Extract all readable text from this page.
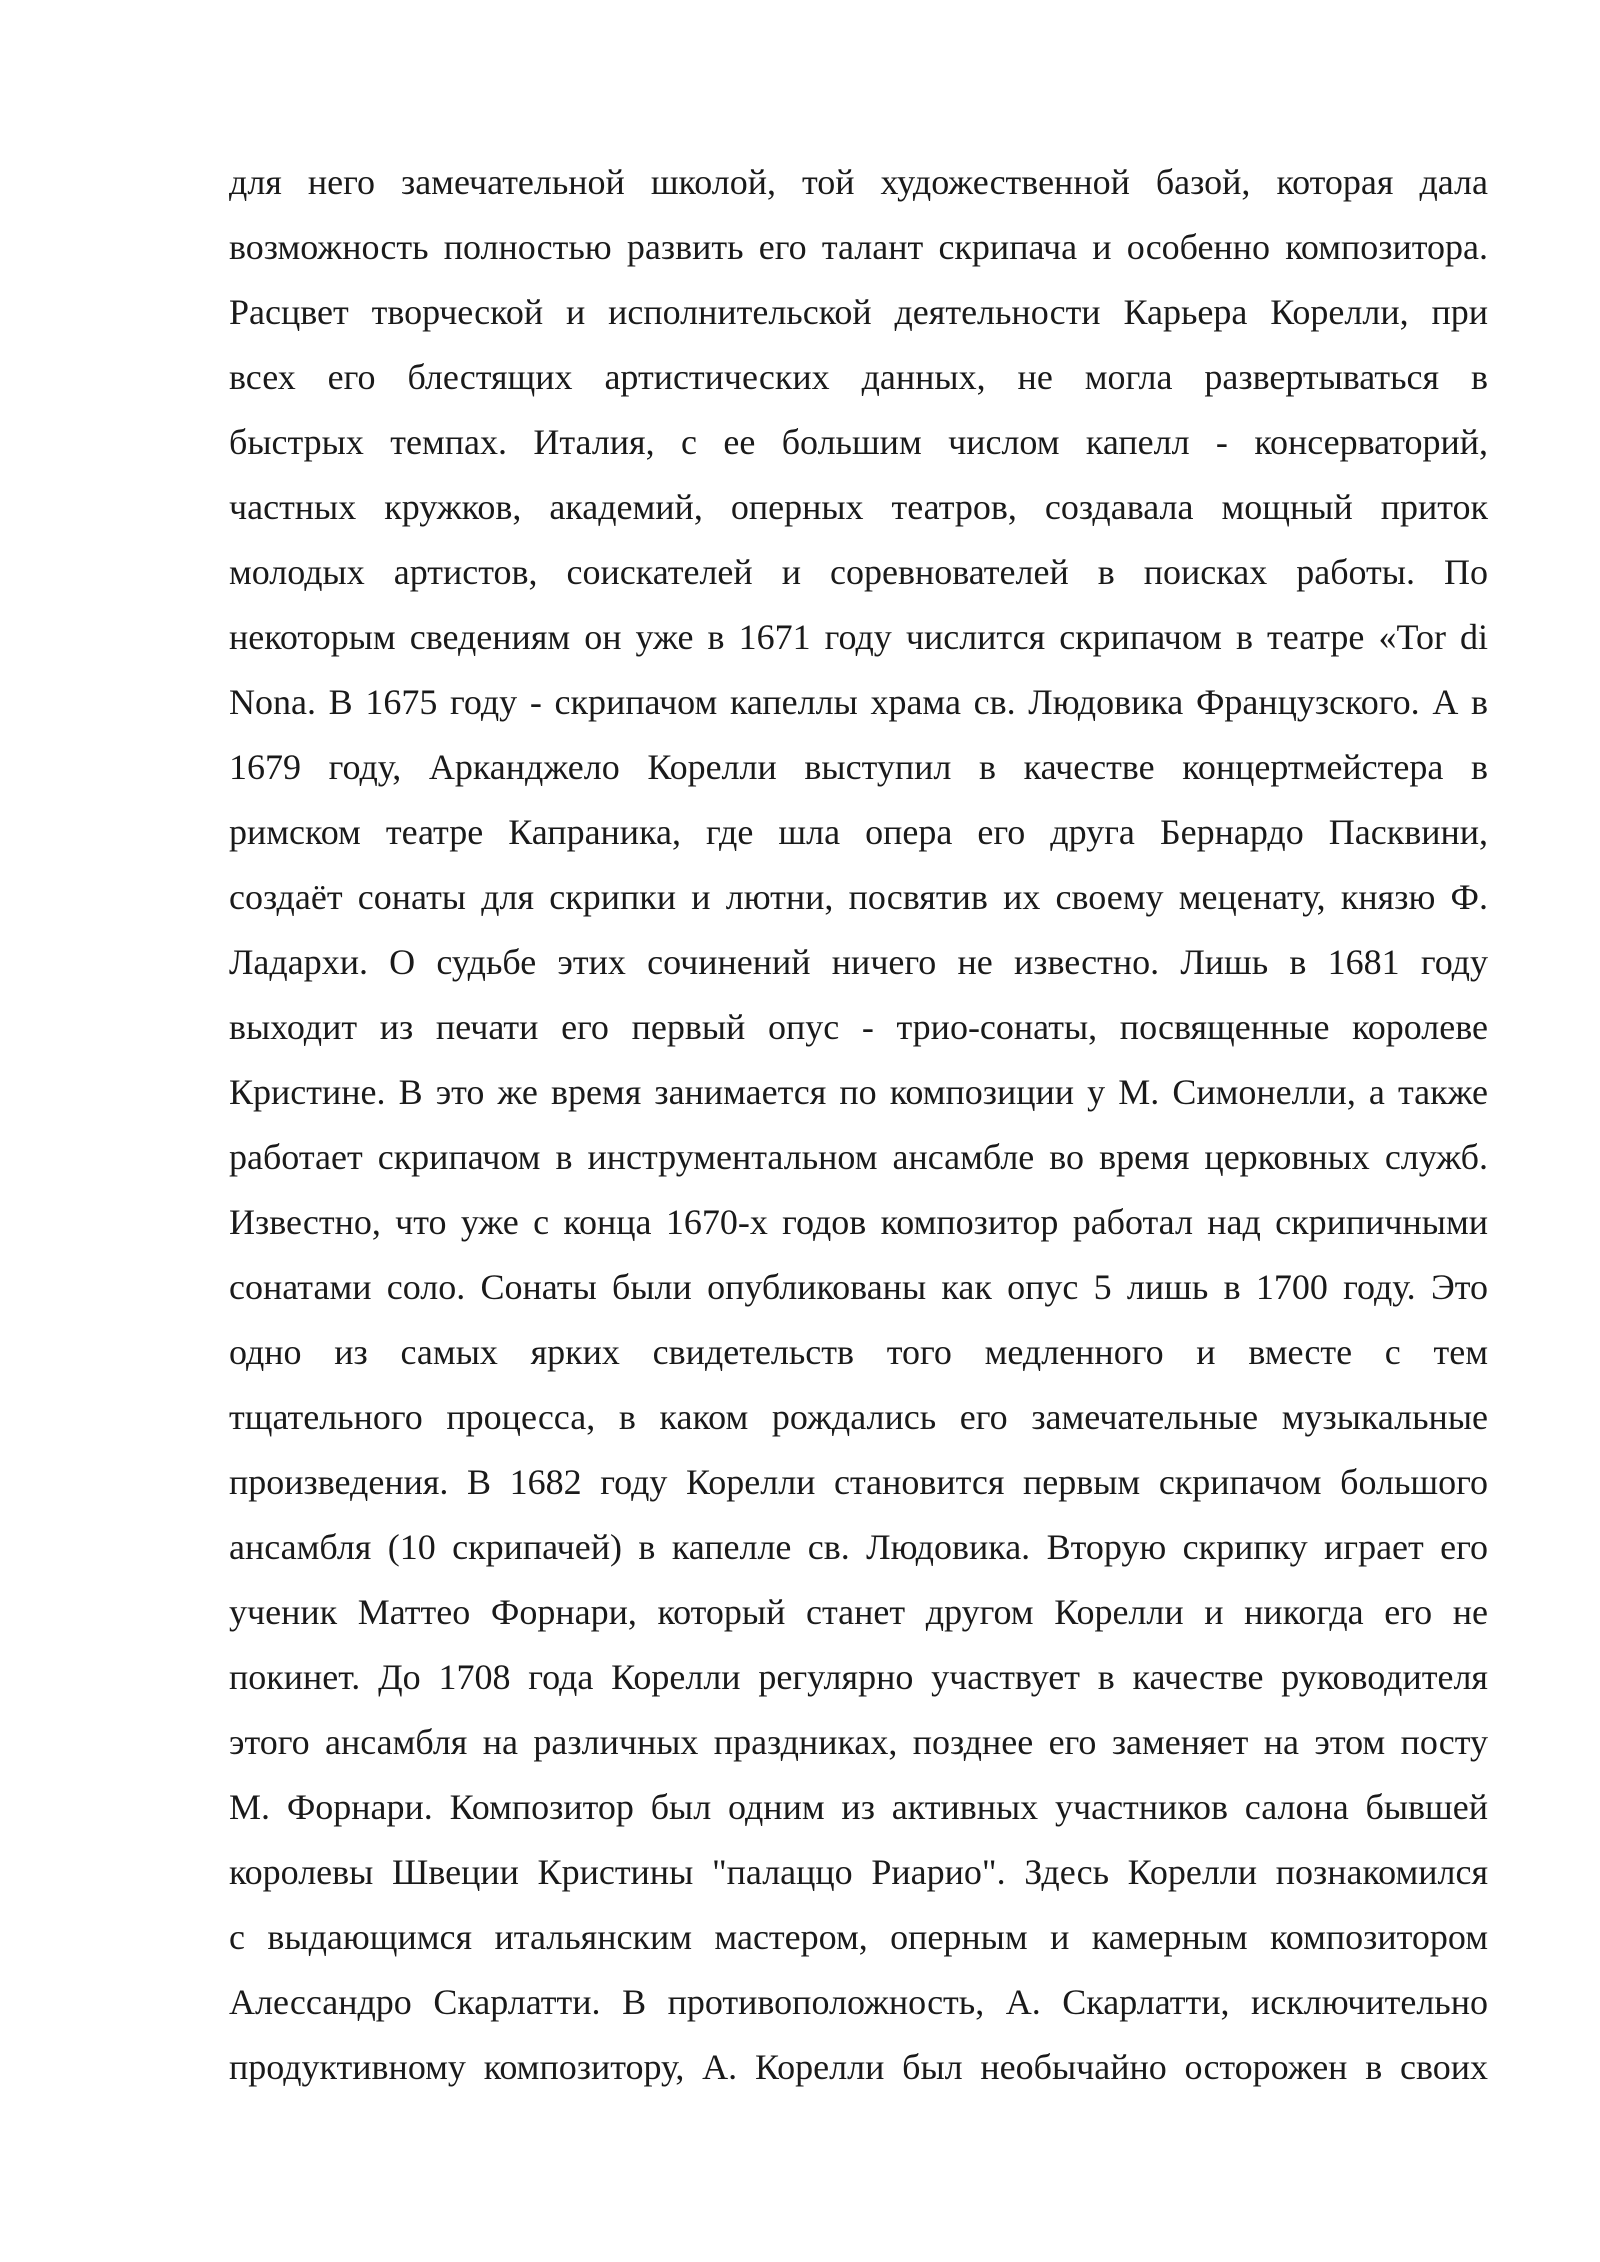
для него замечательной школой, той художественной базой, которая дала
возможность полностью развить его талант скрипача и особенно композитора.
Расцвет творческой и исполнительской деятельности Карьера Корелли, при
всех его блестящих артистических данных, не могла развертываться в
быстрых темпах. Италия, с ее большим числом капелл - консерваторий,
частных кружков, академий, оперных театров, создавала мощный приток
молодых артистов, соискателей и соревнователей в поисках работы. По
некоторым сведениям он уже в 1671 году числится скрипачом в театре «Tor di
Nona. В 1675 году - скрипачом капеллы храма св. Людовика Французского. А в
1679 году, Арканджело Корелли выступил в качестве концертмейстера в
римском театре Капраника, где шла опера его друга Бернардо Пасквини,
создаёт сонаты для скрипки и лютни, посвятив их своему меценату, князю Ф.
Ладархи. О судьбе этих сочинений ничего не известно. Лишь в 1681 году
выходит из печати его первый опус - трио-сонаты, посвященные королеве
Кристине. В это же время занимается по композиции у М. Симонелли, а также
работает скрипачом в инструментальном ансамбле во время церковных служб.
Известно, что уже с конца 1670-х годов композитор работал над скрипичными
сонатами соло. Сонаты были опубликованы как опус 5 лишь в 1700 году. Это
одно из самых ярких свидетельств того медленного и вместе с тем
тщательного процесса, в каком рождались его замечательные музыкальные
произведения. В 1682 году Корелли становится первым скрипачом большого
ансамбля (10 скрипачей) в капелле св. Людовика. Вторую скрипку играет его
ученик Маттео Форнари, который станет другом Корелли и никогда его не
покинет. До 1708 года Корелли регулярно участвует в качестве руководителя
этого ансамбля на различных праздниках, позднее его заменяет на этом посту
М. Форнари. Композитор был одним из активных участников салона бывшей
королевы Швеции Кристины "палаццо Риарио". Здесь Корелли познакомился
с выдающимся итальянским мастером, оперным и камерным композитором
Алессандро Скарлатти. В противоположность, А. Скарлатти, исключительно
продуктивному композитору, А. Корелли был необычайно осторожен в своих
